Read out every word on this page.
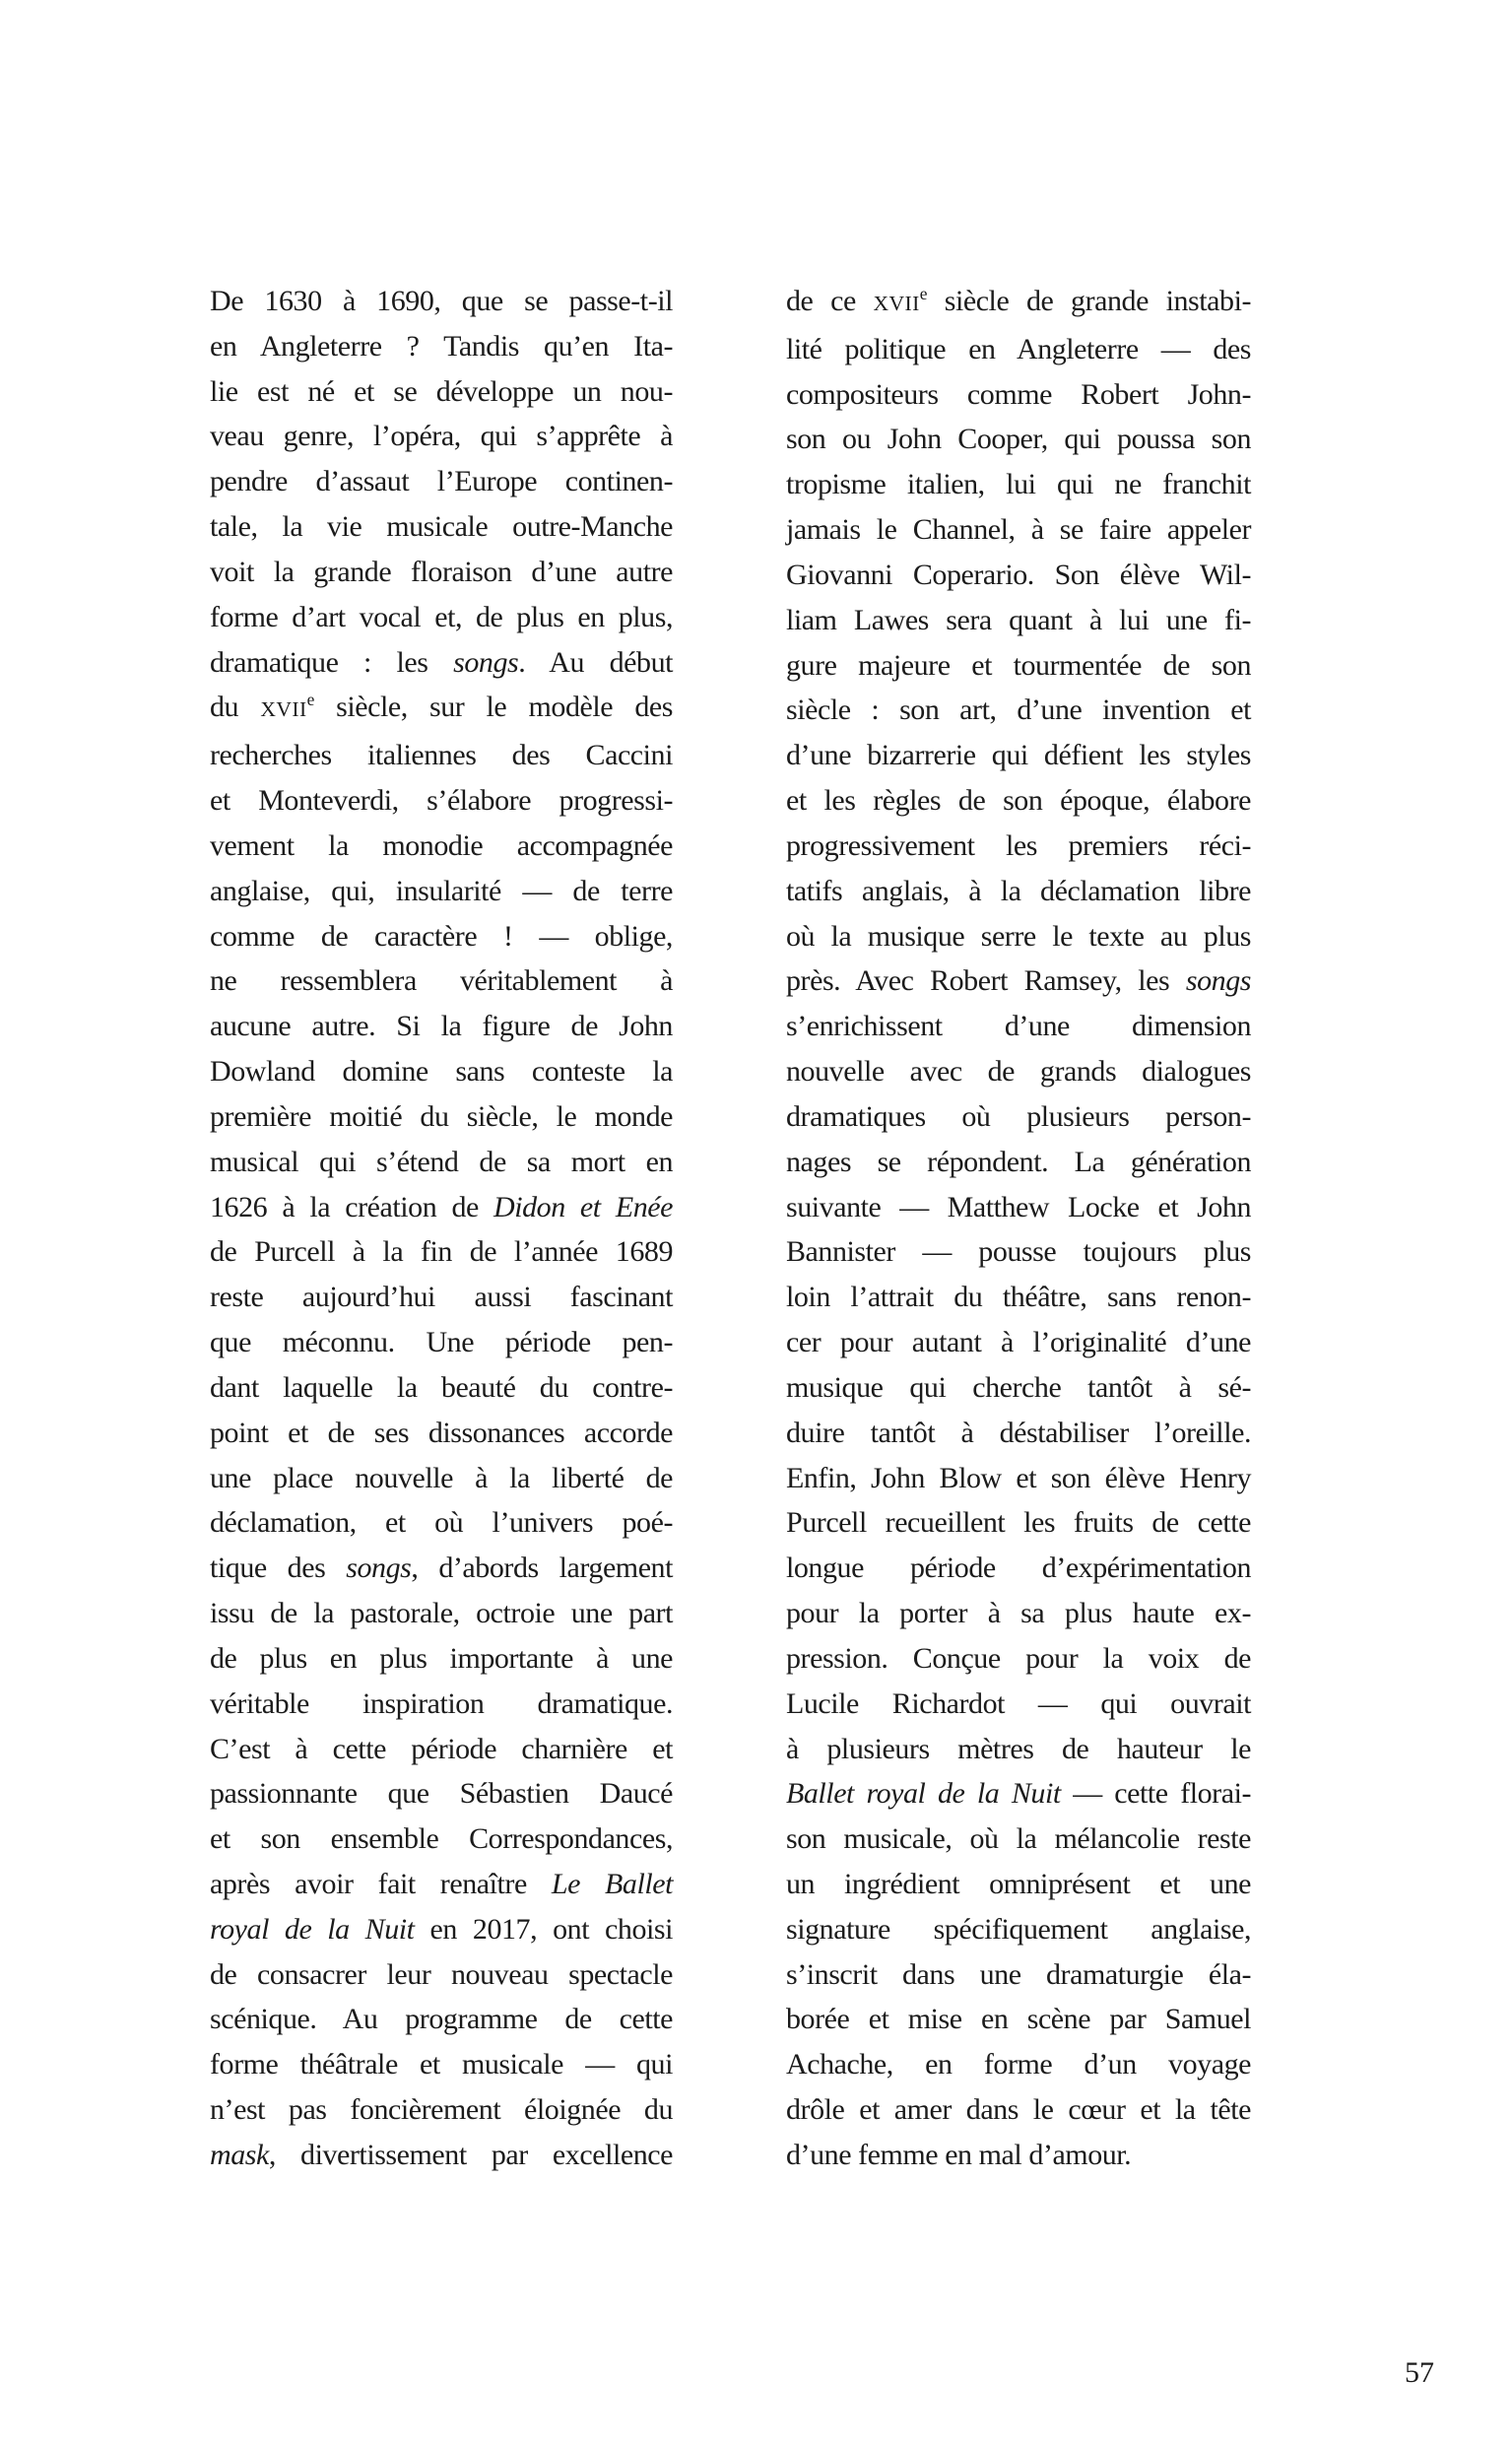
De 1630 à 1690, que se passe-t-il
en Angleterre ? Tandis qu’en Ita-
lie est né et se développe un nou-
veau genre, l’opéra, qui s’apprête à
pendre d’assaut l’Europe continen-
tale, la vie musicale outre-Manche
voit la grande floraison d’une autre
forme d’art vocal et, de plus en plus,
dramatique : les songs. Au début
du XVIIe siècle, sur le modèle des
recherches italiennes des Caccini
et Monteverdi, s’élabore progressi-
vement la monodie accompagnée
anglaise, qui, insularité — de terre
comme de caractère ! — oblige,
ne ressemblera véritablement à
aucune autre. Si la figure de John
Dowland domine sans conteste la
première moitié du siècle, le monde
musical qui s’étend de sa mort en
1626 à la création de Didon et Enée
de Purcell à la fin de l’année 1689
reste aujourd’hui aussi fascinant
que méconnu. Une période pen-
dant laquelle la beauté du contre-
point et de ses dissonances accorde
une place nouvelle à la liberté de
déclamation, et où l’univers poé-
tique des songs, d’abords largement
issu de la pastorale, octroie une part
de plus en plus importante à une
véritable inspiration dramatique.
C’est à cette période charnière et
passionnante que Sébastien Daucé
et son ensemble Correspondances,
après avoir fait renaître Le Ballet
royal de la Nuit en 2017, ont choisi
de consacrer leur nouveau spectacle
scénique. Au programme de cette
forme théâtrale et musicale — qui
n’est pas foncièrement éloignée du
mask, divertissement par excellence
de ce XVIIe siècle de grande instabi-
lité politique en Angleterre — des
compositeurs comme Robert John-
son ou John Cooper, qui poussa son
tropisme italien, lui qui ne franchit
jamais le Channel, à se faire appeler
Giovanni Coperario. Son élève Wil-
liam Lawes sera quant à lui une fi-
gure majeure et tourmentée de son
siècle : son art, d’une invention et
d’une bizarrerie qui défient les styles
et les règles de son époque, élabore
progressivement les premiers réci-
tatifs anglais, à la déclamation libre
où la musique serre le texte au plus
près. Avec Robert Ramsey, les songs
s’enrichissent d’une dimension
nouvelle avec de grands dialogues
dramatiques où plusieurs person-
nages se répondent. La génération
suivante — Matthew Locke et John
Bannister — pousse toujours plus
loin l’attrait du théâtre, sans renon-
cer pour autant à l’originalité d’une
musique qui cherche tantôt à sé-
duire tantôt à déstabiliser l’oreille.
Enfin, John Blow et son élève Henry
Purcell recueillent les fruits de cette
longue période d’expérimentation
pour la porter à sa plus haute ex-
pression. Conçue pour la voix de
Lucile Richardot — qui ouvrait
à plusieurs mètres de hauteur le
Ballet royal de la Nuit — cette florai-
son musicale, où la mélancolie reste
un ingrédient omniprésent et une
signature spécifiquement anglaise,
s’inscrit dans une dramaturgie éla-
borée et mise en scène par Samuel
Achache, en forme d’un voyage
drôle et amer dans le cœur et la tête
d’une femme en mal d’amour.
57
